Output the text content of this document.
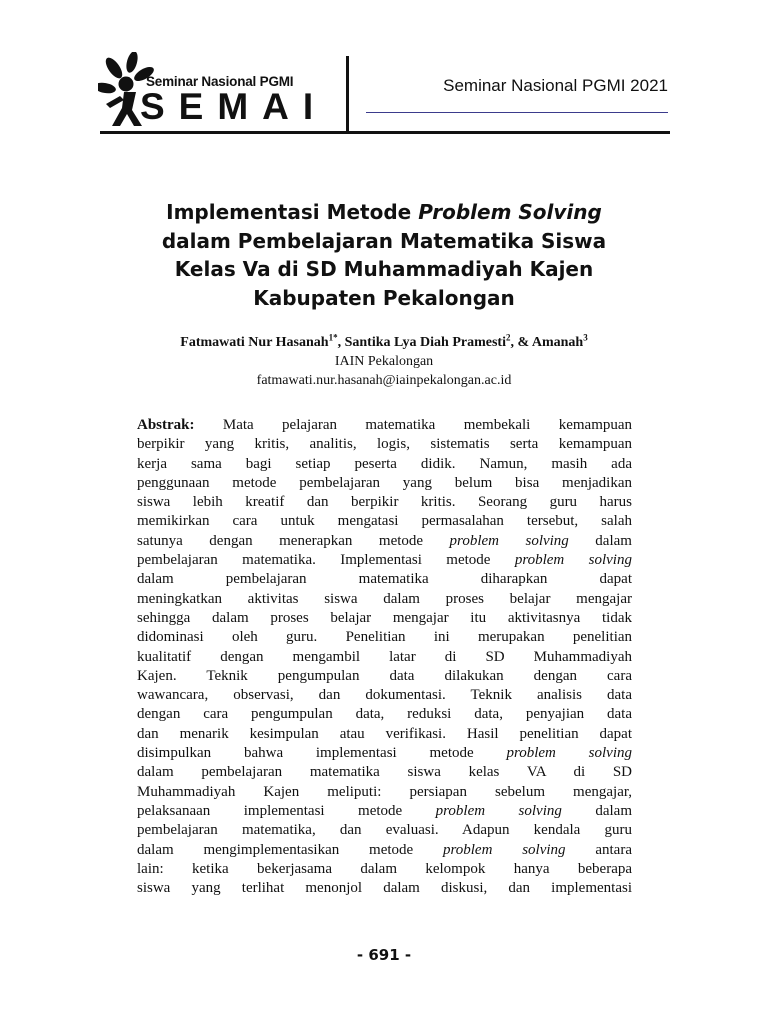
Seminar Nasional PGMI
SEMAI
Seminar Nasional PGMI 2021
Implementasi Metode Problem Solving
dalam Pembelajaran Matematika Siswa
Kelas Va di SD Muhammadiyah Kajen
Kabupaten Pekalongan
Fatmawati Nur Hasanah$^{1*}$, Santika Lya Diah Pramesti$^2$, & Amanah$^3$
IAIN Pekalongan
fatmawati.nur.hasanah@iainpekalongan.ac.id
Abstrak: Mata pelajaran matematika membekali kemampuan
berpikir yang kritis, analitis, logis, sistematis serta kemampuan
kerja sama bagi setiap peserta didik. Namun, masih ada
penggunaan metode pembelajaran yang belum bisa menjadikan
siswa lebih kreatif dan berpikir kritis. Seorang guru harus
memikirkan cara untuk mengatasi permasalahan tersebut, salah
satunya dengan menerapkan metode problem solving dalam
pembelajaran matematika. Implementasi metode problem solving
dalam pembelajaran matematika diharapkan dapat
meningkatkan aktivitas siswa dalam proses belajar mengajar
sehingga dalam proses belajar mengajar itu aktivitasnya tidak
didominasi oleh guru. Penelitian ini merupakan penelitian
kualitatif dengan mengambil latar di SD Muhammadiyah
Kajen. Teknik pengumpulan data dilakukan dengan cara
wawancara, observasi, dan dokumentasi. Teknik analisis data
dengan cara pengumpulan data, reduksi data, penyajian data
dan menarik kesimpulan atau verifikasi. Hasil penelitian dapat
disimpulkan bahwa implementasi metode problem solving
dalam pembelajaran matematika siswa kelas VA di SD
Muhammadiyah Kajen meliputi: persiapan sebelum mengajar,
pelaksanaan implementasi metode problem solving dalam
pembelajaran matematika, dan evaluasi. Adapun kendala guru
dalam mengimplementasikan metode problem solving antara
lain: ketika bekerjasama dalam kelompok hanya beberapa
siswa yang terlihat menonjol dalam diskusi, dan implementasi
- 691 -
